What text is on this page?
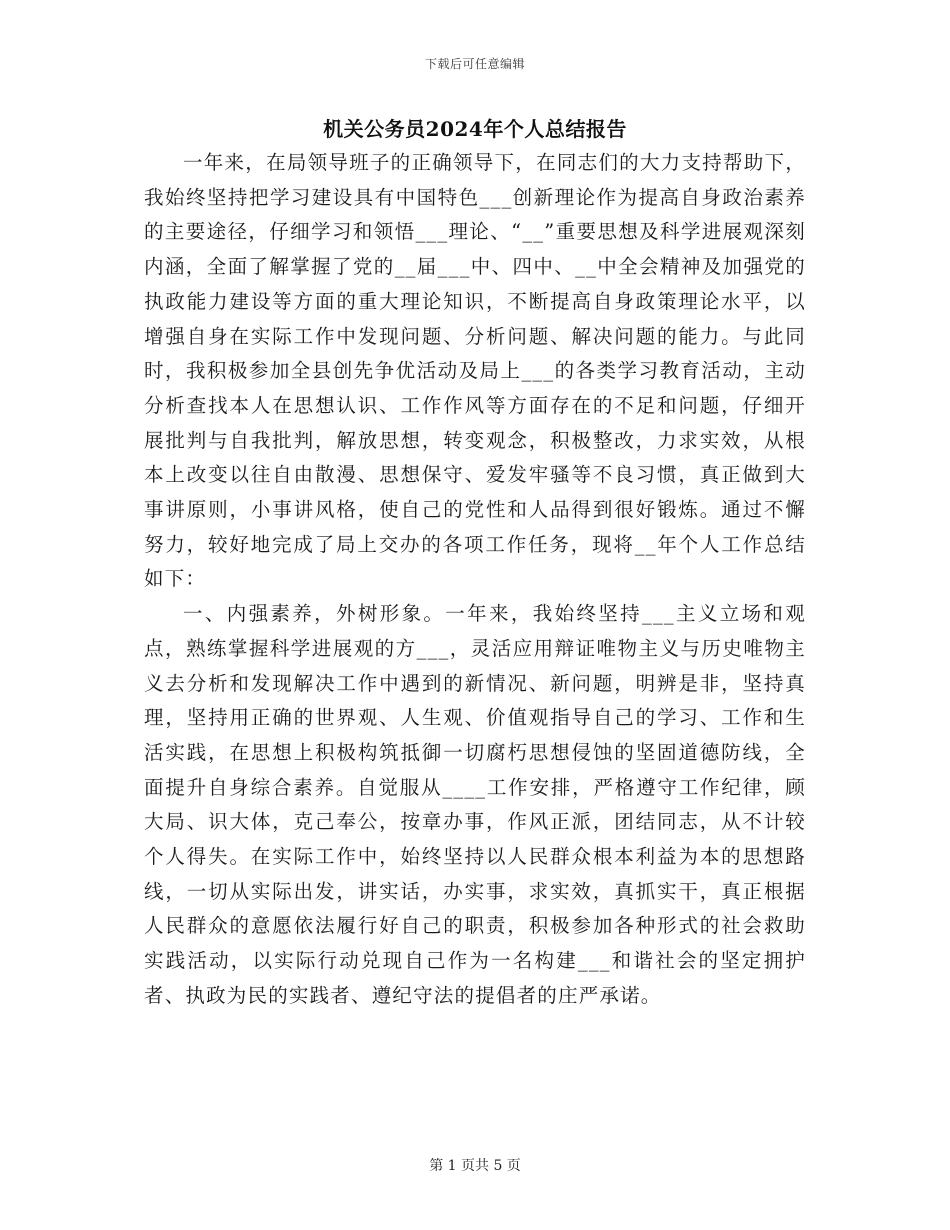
下载后可任意编辑
机关公务员2024年个人总结报告

一年来，在局领导班子的正确领导下，在同志们的大力支持帮助下，我始终坚持把学习建设具有中国特色___创新理论作为提高自身政治素养的主要途径，仔细学习和领悟___理论、“__”重要思想及科学进展观深刻内涵，全面了解掌握了党的__届___中、四中、__中全会精神及加强党的执政能力建设等方面的重大理论知识，不断提高自身政策理论水平，以增强自身在实际工作中发现问题、分析问题、解决问题的能力。与此同时，我积极参加全县创先争优活动及局上___的各类学习教育活动，主动分析查找本人在思想认识、工作作风等方面存在的不足和问题，仔细开展批判与自我批判，解放思想，转变观念，积极整改，力求实效，从根本上改变以往自由散漫、思想保守、爱发牢骚等不良习惯，真正做到大事讲原则，小事讲风格，使自己的党性和人品得到很好锻炼。通过不懈努力，较好地完成了局上交办的各项工作任务，现将__年个人工作总结如下：

一、内强素养，外树形象。一年来，我始终坚持___主义立场和观点，熟练掌握科学进展观的方___，灵活应用辩证唯物主义与历史唯物主义去分析和发现解决工作中遇到的新情况、新问题，明辨是非，坚持真理，坚持用正确的世界观、人生观、价值观指导自己的学习、工作和生活实践，在思想上积极构筑抵御一切腐朽思想侵蚀的坚固道德防线，全面提升自身综合素养。自觉服从____工作安排，严格遵守工作纪律，顾大局、识大体，克己奉公，按章办事，作风正派，团结同志，从不计较个人得失。在实际工作中，始终坚持以人民群众根本利益为本的思想路线，一切从实际出发，讲实话，办实事，求实效，真抓实干，真正根据人民群众的意愿依法履行好自己的职责，积极参加各种形式的社会救助实践活动，以实际行动兑现自己作为一名构建___和谐社会的坚定拥护者、执政为民的实践者、遵纪守法的提倡者的庄严承诺。

第 1 页共 5 页
